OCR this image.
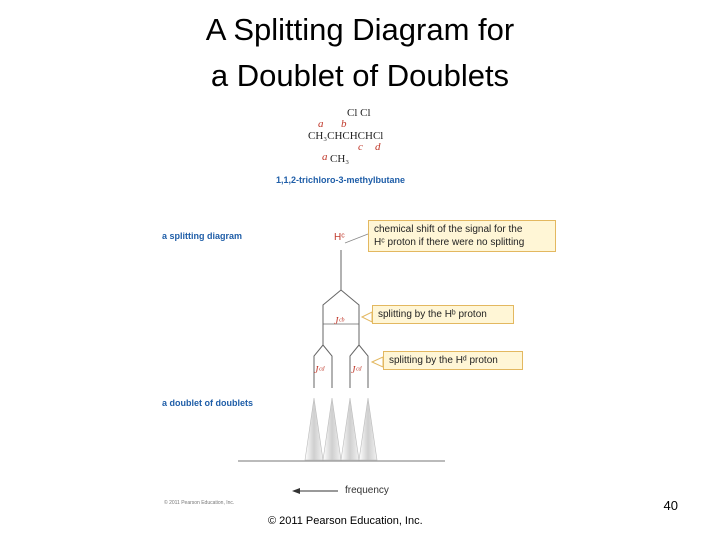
A Splitting Diagram for
a Doublet of Doublets
Cl Cl
a b
CH₃CHCHCHCl
c d
a CH₃
1,1,2-trichloro-3-methylbutane
a splitting diagram
a doublet of doublets
Hᶜ
Jᶜᵇ
Jᶜᵈ	Jᶜᵈ
frequency
chemical shift of the signal for the
Hᶜ proton if there were no splitting
splitting by the Hᵇ proton
splitting by the Hᵈ proton
© 2011 Pearson Education, Inc.	40
© 2011 Pearson Education, Inc.
